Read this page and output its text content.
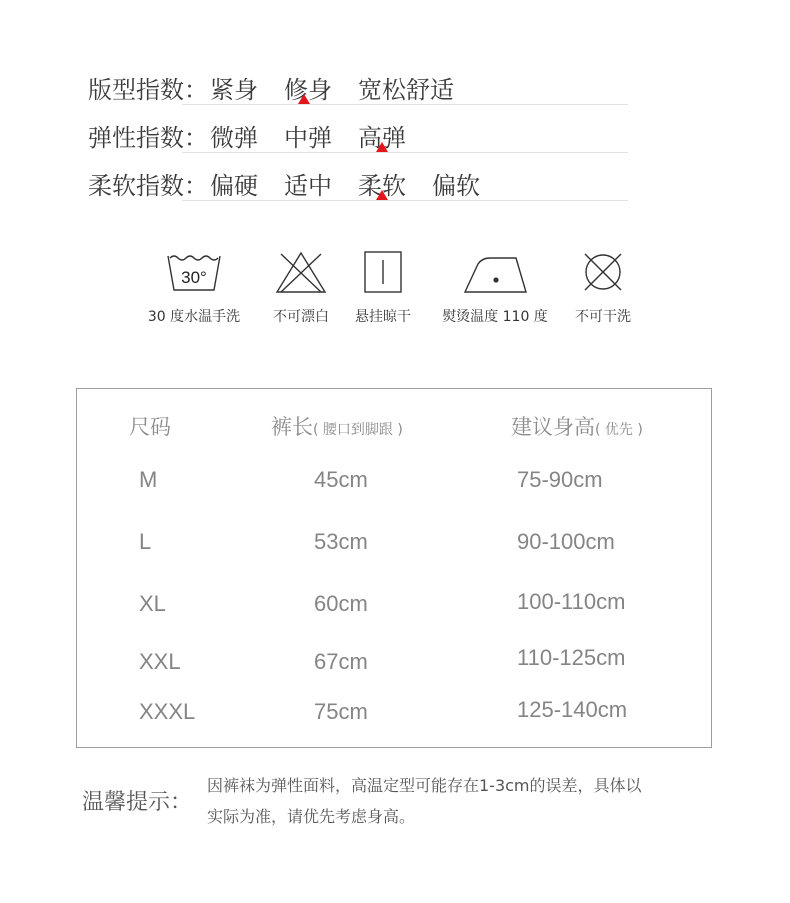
版型指数： 紧身 修身 宽松舒适
弹性指数： 微弹 中弹 高弹
柔软指数： 偏硬 适中 柔软 偏软
30°
30 度水温手洗	不可漂白	悬挂晾干	熨烫温度 110 度	不可干洗
尺码	裤长( 腰口到脚跟 )	建议身高( 优先 )
M	45cm	75-90cm
L	53cm	90-100cm
XL	60cm	100-110cm
XXL	67cm	110-125cm
XXXL	75cm	125-140cm
温馨提示：
因裤袜为弹性面料，高温定型可能存在1-3cm的误差，具体以
实际为准，请优先考虑身高。
